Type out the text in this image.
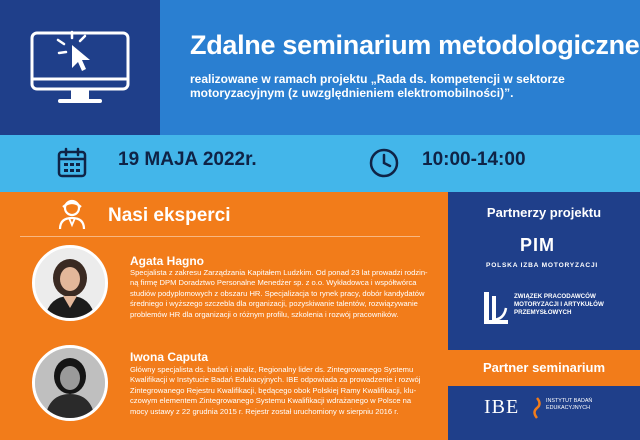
Zdalne seminarium metodologiczne
realizowane w ramach projektu „Rada ds. kompetencji w sektorze motoryzacyjnym (z uwzględnieniem elektromobilności)”.
19 MAJA 2022r.	10:00-14:00
Nasi eksperci
Agata Hagno
Specjalista z zakresu Zarządzania Kapitałem Ludzkim. Od ponad 23 lat prowadzi rodzin- ną firmę DPM Doradztwo Personalne Menedżer sp. z o.o. Wykładowca i współtwórca studiów podyplomowych z obszaru HR. Specjalizacja to rynek pracy, dobór kandydatów średniego i wyższego szczebla dla organizacji, pozyskiwanie talentów, rozwiązywanie problemów HR dla organizacji o różnym profilu, szkolenia i rozwój pracowników.
Iwona Caputa
Główny specjalista ds. badań i analiz, Regionalny lider ds. Zintegrowanego Systemu Kwalifikacji w Instytucie Badań Edukacyjnych. IBE odpowiada za prowadzenie i rozwój Zintegrowanego Rejestru Kwalifikacji, będącego obok Polskiej Ramy Kwalifikacji, klu- czowym elementem Zintegrowanego Systemu Kwalifikacji wdrażanego w Polsce na mocy ustawy z 22 grudnia 2015 r. Rejestr został uruchomiony w sierpniu 2016 r.
Partnerzy projektu
PIM
POLSKA IZBA MOTORYZACJI
ZWIĄZEK PRACODAWCÓW MOTORYZACJI I ARTYKUŁÓW PRZEMYSŁOWYCH
Partner seminarium
IBE	INSTYTUT BADAŃ EDUKACYJNYCH
